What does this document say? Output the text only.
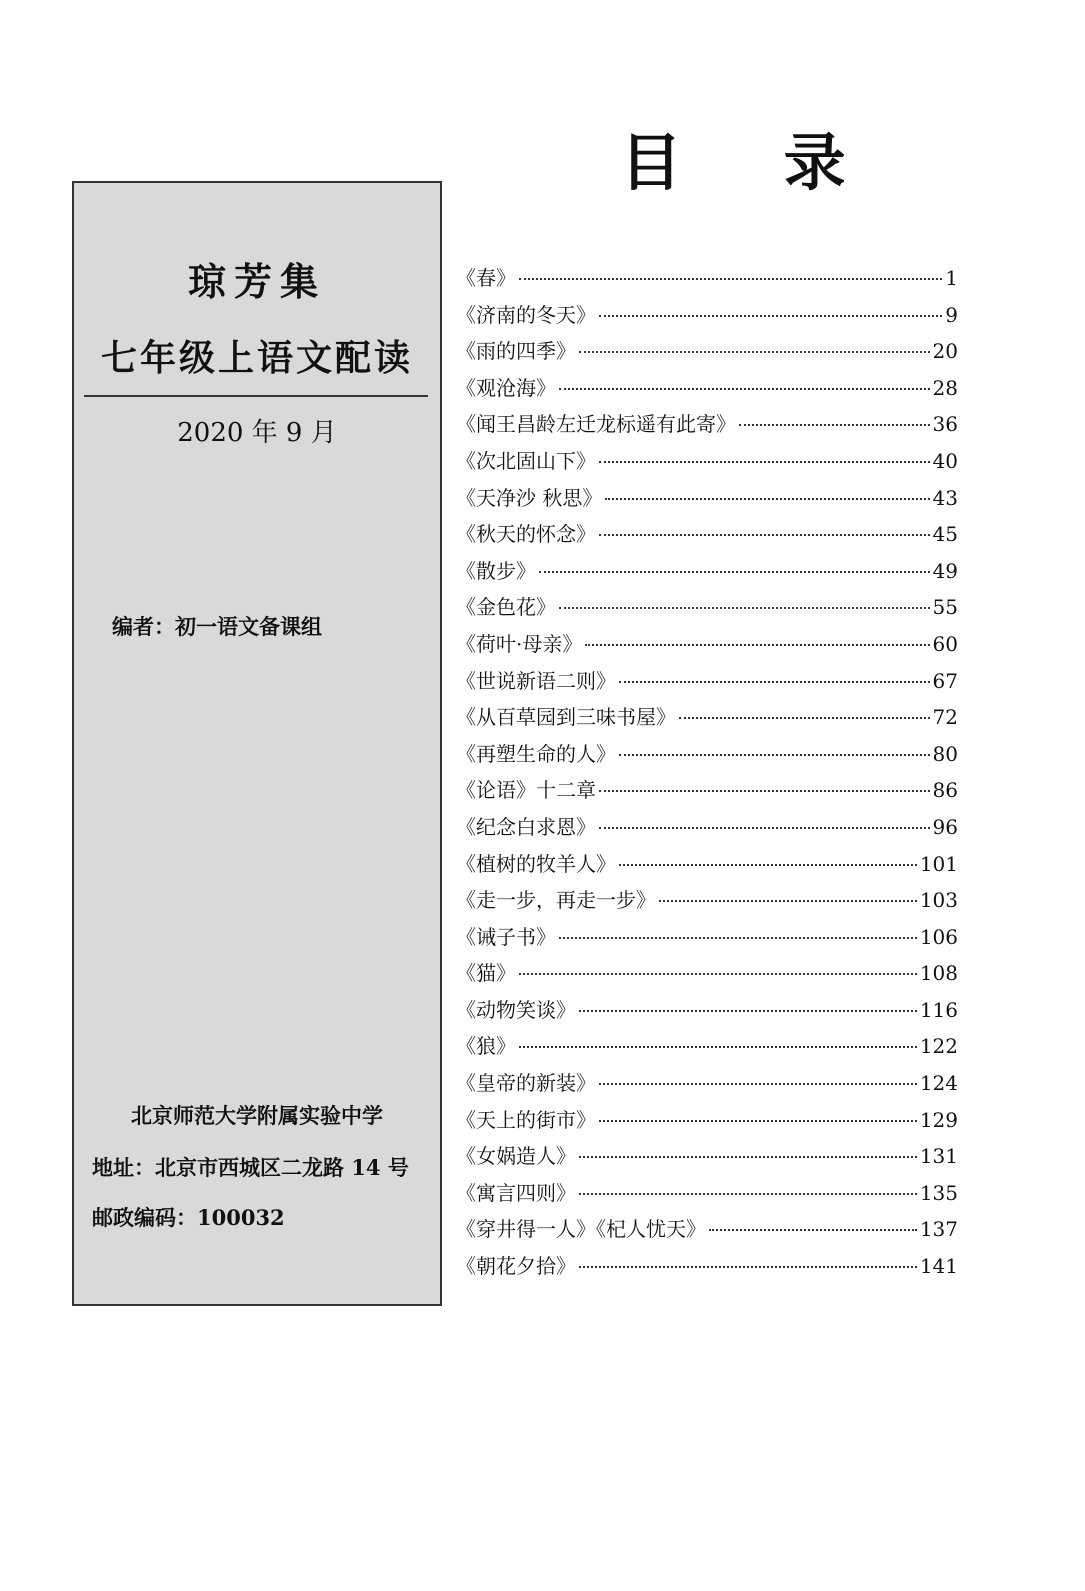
目 录
琼芳集
七年级上语文配读
2020 年 9 月
编者：初一语文备课组
北京师范大学附属实验中学
地址：北京市西城区二龙路 14 号
邮政编码：100032
《春》	1
《济南的冬天》	9
《雨的四季》	20
《观沧海》	28
《闻王昌龄左迁龙标遥有此寄》	36
《次北固山下》	40
《天净沙 秋思》	43
《秋天的怀念》	45
《散步》	49
《金色花》	55
《荷叶·母亲》	60
《世说新语二则》	67
《从百草园到三味书屋》	72
《再塑生命的人》	80
《论语》十二章	86
《纪念白求恩》	96
《植树的牧羊人》	101
《走一步，再走一步》	103
《诫子书》	106
《猫》	108
《动物笑谈》	116
《狼》	122
《皇帝的新装》	124
《天上的街市》	129
《女娲造人》	131
《寓言四则》	135
《穿井得一人》《杞人忧天》	137
《朝花夕拾》	141
